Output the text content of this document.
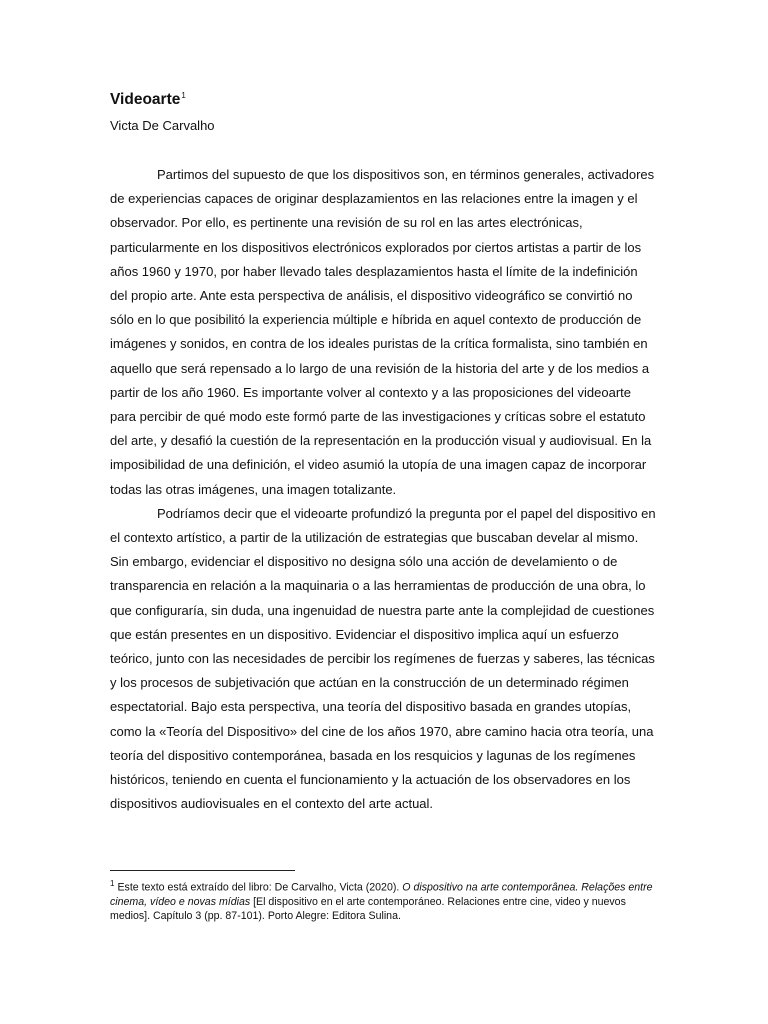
Videoarte$^1$

Victa De Carvalho

Partimos del supuesto de que los dispositivos son, en términos generales, activadores de experiencias capaces de originar desplazamientos en las relaciones entre la imagen y el observador. Por ello, es pertinente una revisión de su rol en las artes electrónicas, particularmente en los dispositivos electrónicos explorados por ciertos artistas a partir de los años 1960 y 1970, por haber llevado tales desplazamientos hasta el límite de la indefinición del propio arte. Ante esta perspectiva de análisis, el dispositivo videográfico se convirtió no sólo en lo que posibilitó la experiencia múltiple e híbrida en aquel contexto de producción de imágenes y sonidos, en contra de los ideales puristas de la crítica formalista, sino también en aquello que será repensado a lo largo de una revisión de la historia del arte y de los medios a partir de los año 1960. Es importante volver al contexto y a las proposiciones del videoarte para percibir de qué modo este formó parte de las investigaciones y críticas sobre el estatuto del arte, y desafió la cuestión de la representación en la producción visual y audiovisual. En la imposibilidad de una definición, el video asumió la utopía de una imagen capaz de incorporar todas las otras imágenes, una imagen totalizante.

Podríamos decir que el videoarte profundizó la pregunta por el papel del dispositivo en el contexto artístico, a partir de la utilización de estrategias que buscaban develar al mismo. Sin embargo, evidenciar el dispositivo no designa sólo una acción de develamiento o de transparencia en relación a la maquinaria o a las herramientas de producción de una obra, lo que configuraría, sin duda, una ingenuidad de nuestra parte ante la complejidad de cuestiones que están presentes en un dispositivo. Evidenciar el dispositivo implica aquí un esfuerzo teórico, junto con las necesidades de percibir los regímenes de fuerzas y saberes, las técnicas y los procesos de subjetivación que actúan en la construcción de un determinado régimen espectatorial. Bajo esta perspectiva, una teoría del dispositivo basada en grandes utopías, como la «Teoría del Dispositivo» del cine de los años 1970, abre camino hacia otra teoría, una teoría del dispositivo contemporánea, basada en los resquicios y lagunas de los regímenes históricos, teniendo en cuenta el funcionamiento y la actuación de los observadores en los dispositivos audiovisuales en el contexto del arte actual.

$^1$ Este texto está extraído del libro: De Carvalho, Victa (2020). O dispositivo na arte contemporânea. Relações entre cinema, vídeo e novas mídias [El dispositivo en el arte contemporáneo. Relaciones entre cine, video y nuevos medios]. Capítulo 3 (pp. 87-101). Porto Alegre: Editora Sulina.
